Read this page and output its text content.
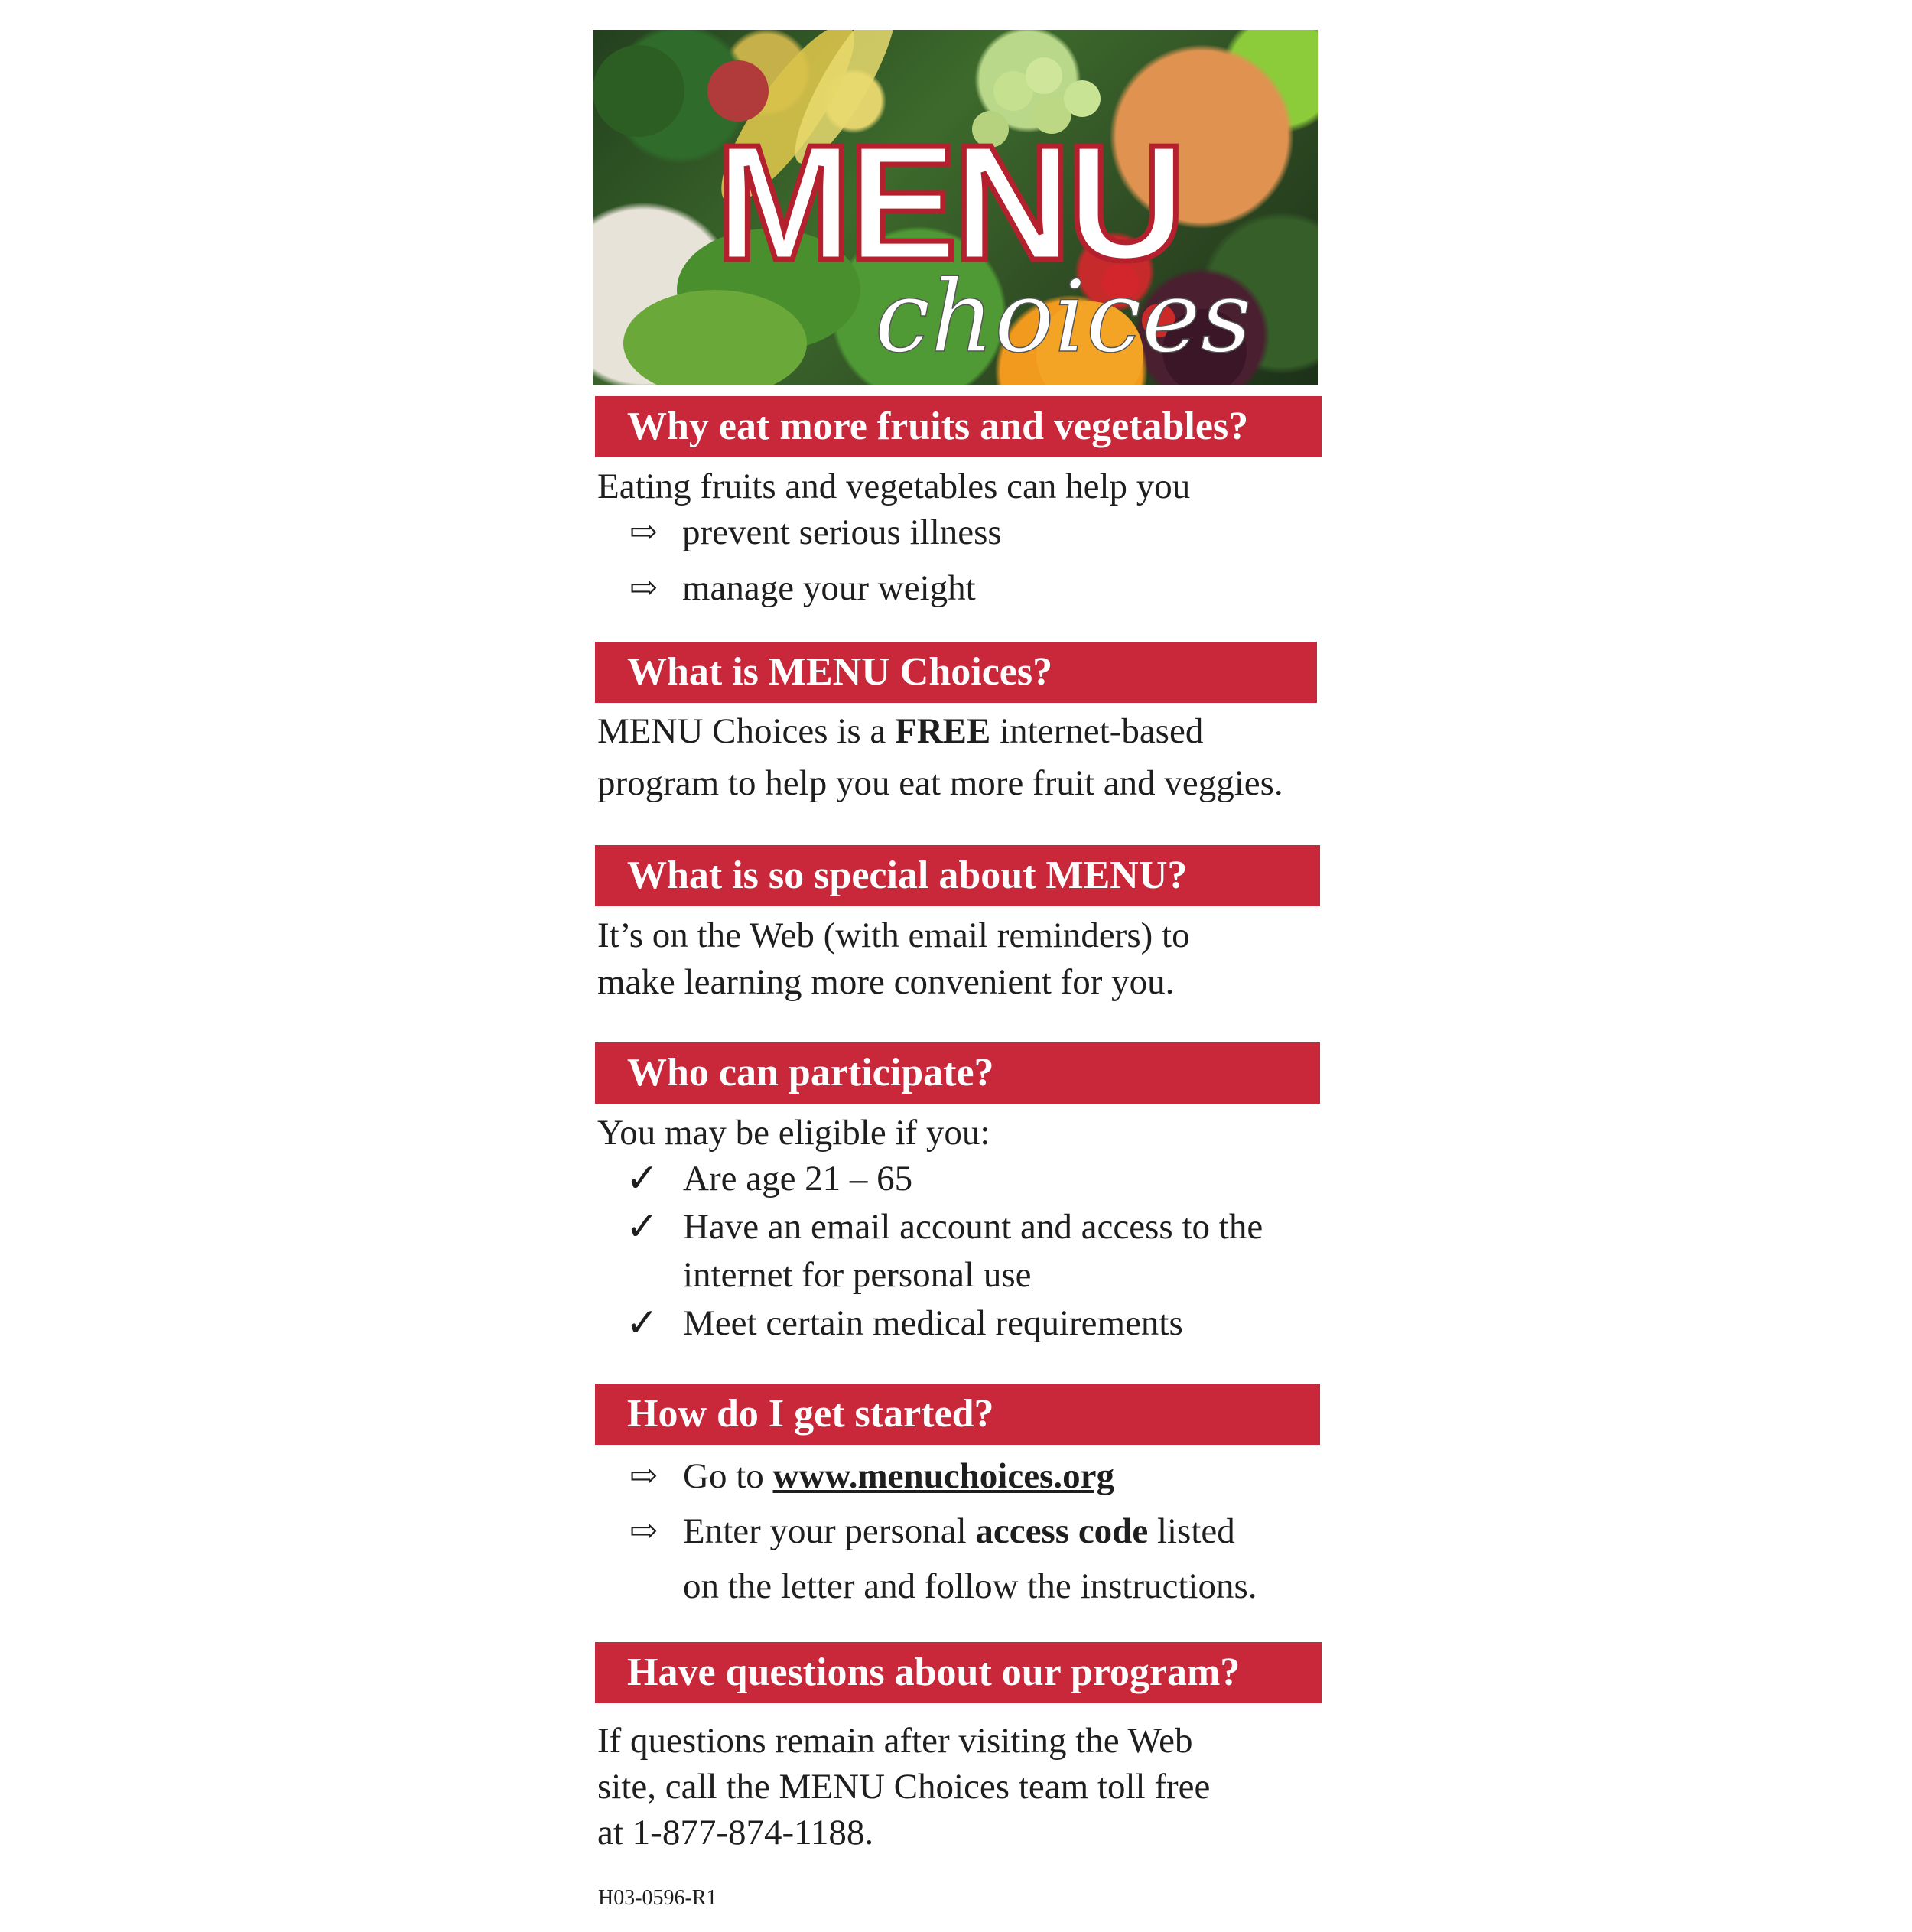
MENU
choices
Why eat more fruits and vegetables?
Eating fruits and vegetables can help you
⇨ prevent serious illness
⇨ manage your weight
What is MENU Choices?
MENU Choices is a FREE internet-based
program to help you eat more fruit and veggies.
What is so special about MENU?
It’s on the Web (with email reminders) to
make learning more convenient for you.
Who can participate?
You may be eligible if you:
✓ Are age 21 – 65
✓ Have an email account and access to the
internet for personal use
✓ Meet certain medical requirements
How do I get started?
⇨ Go to www.menuchoices.org
⇨ Enter your personal access code listed
on the letter and follow the instructions.
Have questions about our program?
If questions remain after visiting the Web
site, call the MENU Choices team toll free
at 1-877-874-1188.
H03-0596-R1
